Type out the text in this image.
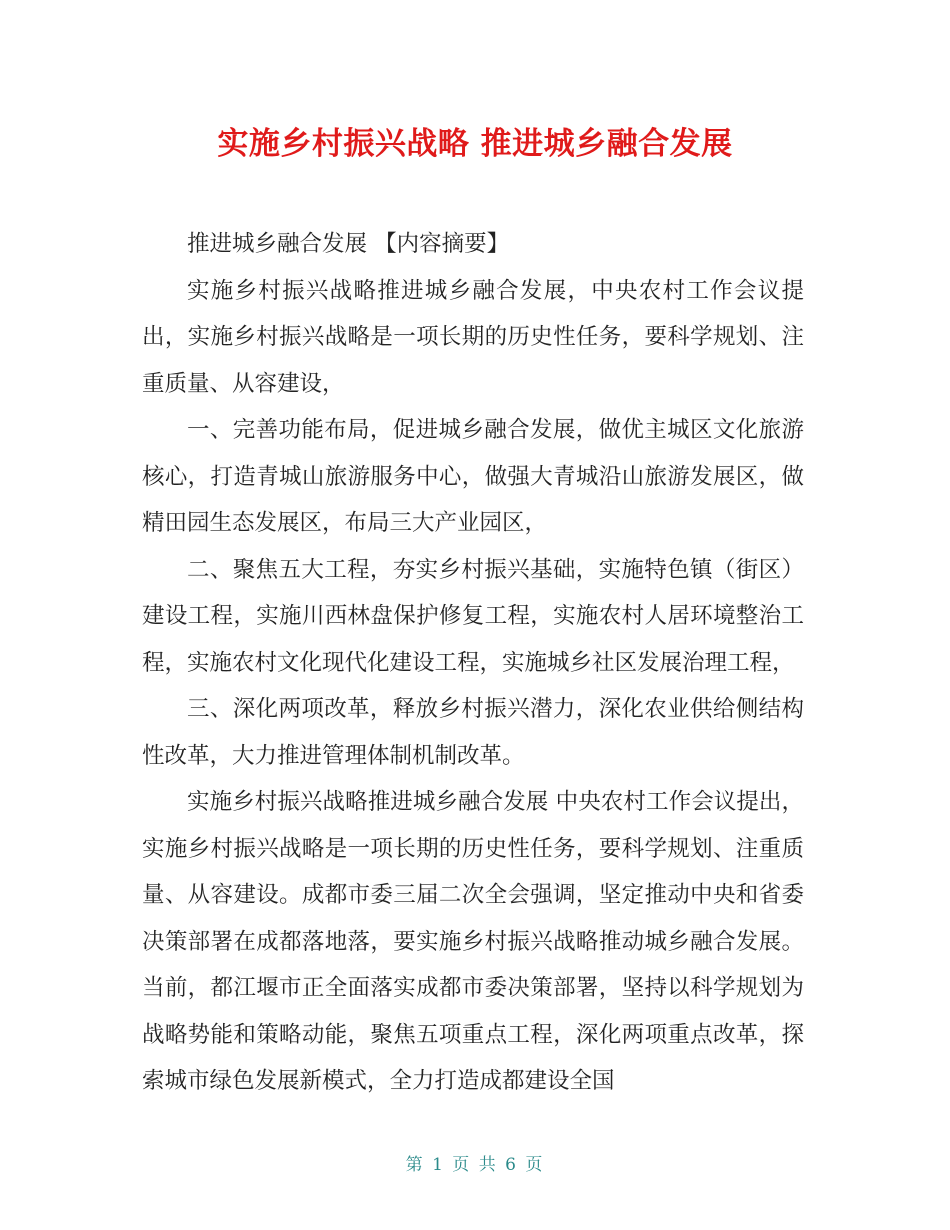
实施乡村振兴战略 推进城乡融合发展

推进城乡融合发展 【内容摘要】

实施乡村振兴战略推进城乡融合发展，中央农村工作会议提出，实施乡村振兴战略是一项长期的历史性任务，要科学规划、注重质量、从容建设，

一、完善功能布局，促进城乡融合发展，做优主城区文化旅游核心，打造青城山旅游服务中心，做强大青城沿山旅游发展区，做精田园生态发展区，布局三大产业园区，

二、聚焦五大工程，夯实乡村振兴基础，实施特色镇（街区）建设工程，实施川西林盘保护修复工程，实施农村人居环境整治工程，实施农村文化现代化建设工程，实施城乡社区发展治理工程，

三、深化两项改革，释放乡村振兴潜力，深化农业供给侧结构性改革，大力推进管理体制机制改革。

实施乡村振兴战略推进城乡融合发展 中央农村工作会议提出，实施乡村振兴战略是一项长期的历史性任务，要科学规划、注重质量、从容建设。成都市委三届二次全会强调，坚定推动中央和省委决策部署在成都落地落，要实施乡村振兴战略推动城乡融合发展。当前，都江堰市正全面落实成都市委决策部署，坚持以科学规划为战略势能和策略动能，聚焦五项重点工程，深化两项重点改革，探索城市绿色发展新模式，全力打造成都建设全国

第 1 页 共 6 页
